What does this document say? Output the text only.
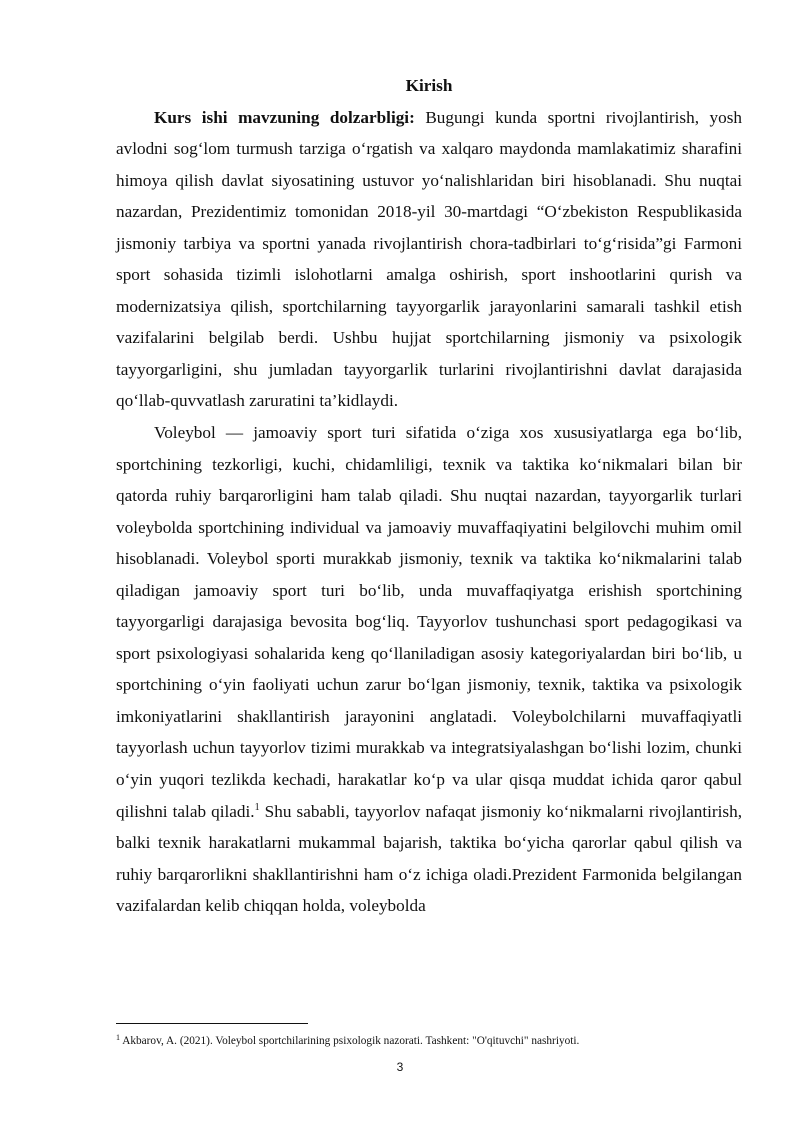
Kirish

Kurs ishi mavzuning dolzarbligi: Bugungi kunda sportni rivojlantirish, yosh avlodni sog‘lom turmush tarziga o‘rgatish va xalqaro maydonda mamlakatimiz sharafini himoya qilish davlat siyosatining ustuvor yo‘nalishlaridan biri hisoblanadi. Shu nuqtai nazardan, Prezidentimiz tomonidan 2018-yil 30-martdagi “O‘zbekiston Respublikasida jismoniy tarbiya va sportni yanada rivojlantirish chora-tadbirlari to‘g‘risida”gi Farmoni sport sohasida tizimli islohotlarni amalga oshirish, sport inshootlarini qurish va modernizatsiya qilish, sportchilarning tayyorgarlik jarayonlarini samarali tashkil etish vazifalarini belgilab berdi. Ushbu hujjat sportchilarning jismoniy va psixologik tayyorgarligini, shu jumladan tayyorgarlik turlarini rivojlantirishni davlat darajasida qo‘llab-quvvatlash zaruratini ta’kidlaydi.

Voleybol — jamoaviy sport turi sifatida o‘ziga xos xususiyatlarga ega bo‘lib, sportchining tezkorligi, kuchi, chidamliligi, texnik va taktika ko‘nikmalari bilan bir qatorda ruhiy barqarorligini ham talab qiladi. Shu nuqtai nazardan, tayyorgarlik turlari voleybolda sportchining individual va jamoaviy muvaffaqiyatini belgilovchi muhim omil hisoblanadi. Voleybol sporti murakkab jismoniy, texnik va taktika ko‘nikmalarini talab qiladigan jamoaviy sport turi bo‘lib, unda muvaffaqiyatga erishish sportchining tayyorgarligi darajasiga bevosita bog‘liq. Tayyorlov tushunchasi sport pedagogikasi va sport psixologiyasi sohalarida keng qo‘llaniladigan asosiy kategoriyalardan biri bo‘lib, u sportchining o‘yin faoliyati uchun zarur bo‘lgan jismoniy, texnik, taktika va psixologik imkoniyatlarini shakllantirish jarayonini anglatadi. Voleybolchilarni muvaffaqiyatli tayyorlash uchun tayyorlov tizimi murakkab va integratsiyalashgan bo‘lishi lozim, chunki o‘yin yuqori tezlikda kechadi, harakatlar ko‘p va ular qisqa muddat ichida qaror qabul qilishni talab qiladi.$^1$ Shu sababli, tayyorlov nafaqat jismoniy ko‘nikmalarni rivojlantirish, balki texnik harakatlarni mukammal bajarish, taktika bo‘yicha qarorlar qabul qilish va ruhiy barqarorlikni shakllantirishni ham o‘z ichiga oladi.Prezident Farmonida belgilangan vazifalardan kelib chiqqan holda, voleybolda

$^1$ Akbarov, A. (2021). Voleybol sportchilarining psixologik nazorati. Tashkent: "O'qituvchi" nashriyoti.
3
